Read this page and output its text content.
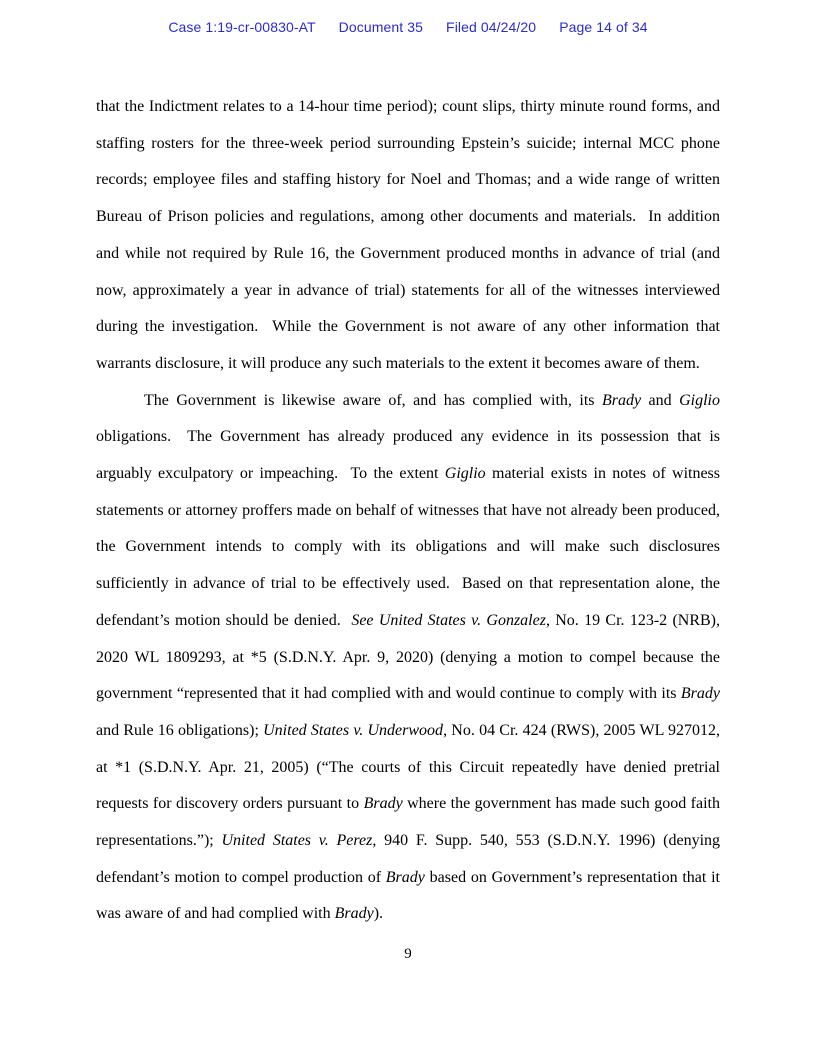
Case 1:19-cr-00830-AT Document 35 Filed 04/24/20 Page 14 of 34

that the Indictment relates to a 14-hour time period); count slips, thirty minute round forms, and staffing rosters for the three-week period surrounding Epstein’s suicide; internal MCC phone records; employee files and staffing history for Noel and Thomas; and a wide range of written Bureau of Prison policies and regulations, among other documents and materials.  In addition and while not required by Rule 16, the Government produced months in advance of trial (and now, approximately a year in advance of trial) statements for all of the witnesses interviewed during the investigation.  While the Government is not aware of any other information that warrants disclosure, it will produce any such materials to the extent it becomes aware of them.

The Government is likewise aware of, and has complied with, its Brady and Giglio obligations.  The Government has already produced any evidence in its possession that is arguably exculpatory or impeaching.  To the extent Giglio material exists in notes of witness statements or attorney proffers made on behalf of witnesses that have not already been produced, the Government intends to comply with its obligations and will make such disclosures sufficiently in advance of trial to be effectively used.  Based on that representation alone, the defendant’s motion should be denied.  See United States v. Gonzalez, No. 19 Cr. 123-2 (NRB), 2020 WL 1809293, at *5 (S.D.N.Y. Apr. 9, 2020) (denying a motion to compel because the government “represented that it had complied with and would continue to comply with its Brady and Rule 16 obligations); United States v. Underwood, No. 04 Cr. 424 (RWS), 2005 WL 927012, at *1 (S.D.N.Y. Apr. 21, 2005) (“The courts of this Circuit repeatedly have denied pretrial requests for discovery orders pursuant to Brady where the government has made such good faith representations.”); United States v. Perez, 940 F. Supp. 540, 553 (S.D.N.Y. 1996) (denying defendant’s motion to compel production of Brady based on Government’s representation that it was aware of and had complied with Brady).

9
